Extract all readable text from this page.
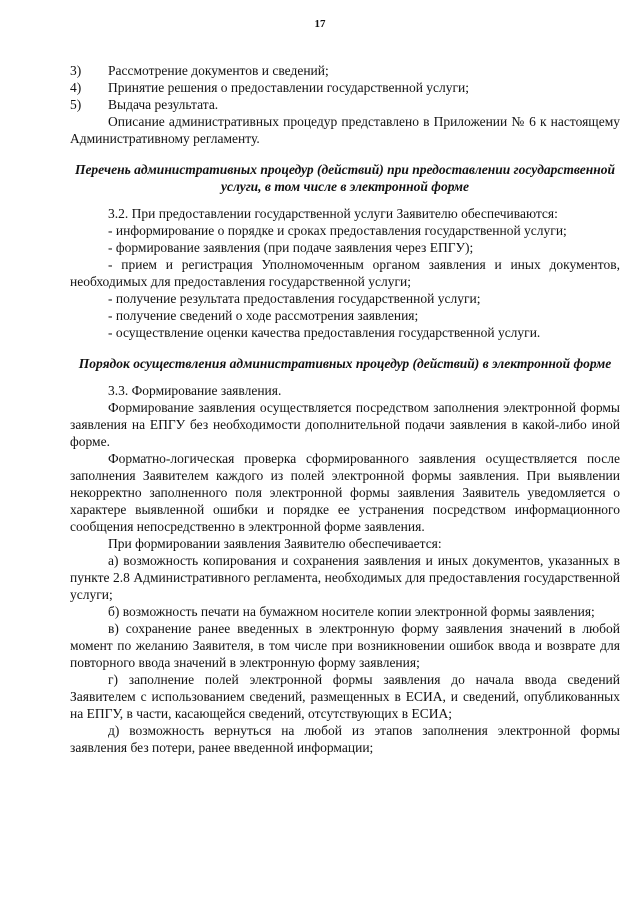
17
3)	Рассмотрение документов и сведений;
4)	Принятие решения о предоставлении государственной услуги;
5)	Выдача результата.
Описание административных процедур представлено в Приложении № 6 к настоящему Административному регламенту.
Перечень административных процедур (действий) при предоставлении государственной услуги, в том числе в электронной форме
3.2. При предоставлении государственной услуги Заявителю обеспечиваются:
- информирование о порядке и сроках предоставления государственной услуги;
- формирование заявления (при подаче заявления через ЕПГУ);
- прием и регистрация Уполномоченным органом заявления и иных документов, необходимых для предоставления государственной услуги;
- получение результата предоставления государственной услуги;
- получение сведений о ходе рассмотрения заявления;
- осуществление оценки качества предоставления государственной услуги.
Порядок осуществления административных процедур (действий) в электронной форме
3.3. Формирование заявления.
Формирование заявления осуществляется посредством заполнения электронной формы заявления на ЕПГУ без необходимости дополнительной подачи заявления в какой-либо иной форме.
Форматно-логическая проверка сформированного заявления осуществляется после заполнения Заявителем каждого из полей электронной формы заявления. При выявлении некорректно заполненного поля электронной формы заявления Заявитель уведомляется о характере выявленной ошибки и порядке ее устранения посредством информационного сообщения непосредственно в электронной форме заявления.
При формировании заявления Заявителю обеспечивается:
а) возможность копирования и сохранения заявления и иных документов, указанных в пункте 2.8 Административного регламента, необходимых для предоставления государственной услуги;
б) возможность печати на бумажном носителе копии электронной формы заявления;
в) сохранение ранее введенных в электронную форму заявления значений в любой момент по желанию Заявителя, в том числе при возникновении ошибок ввода и возврате для повторного ввода значений в электронную форму заявления;
г) заполнение полей электронной формы заявления до начала ввода сведений Заявителем с использованием сведений, размещенных в ЕСИА, и сведений, опубликованных на ЕПГУ, в части, касающейся сведений, отсутствующих в ЕСИА;
д) возможность вернуться на любой из этапов заполнения электронной формы заявления без потери, ранее введенной информации;
